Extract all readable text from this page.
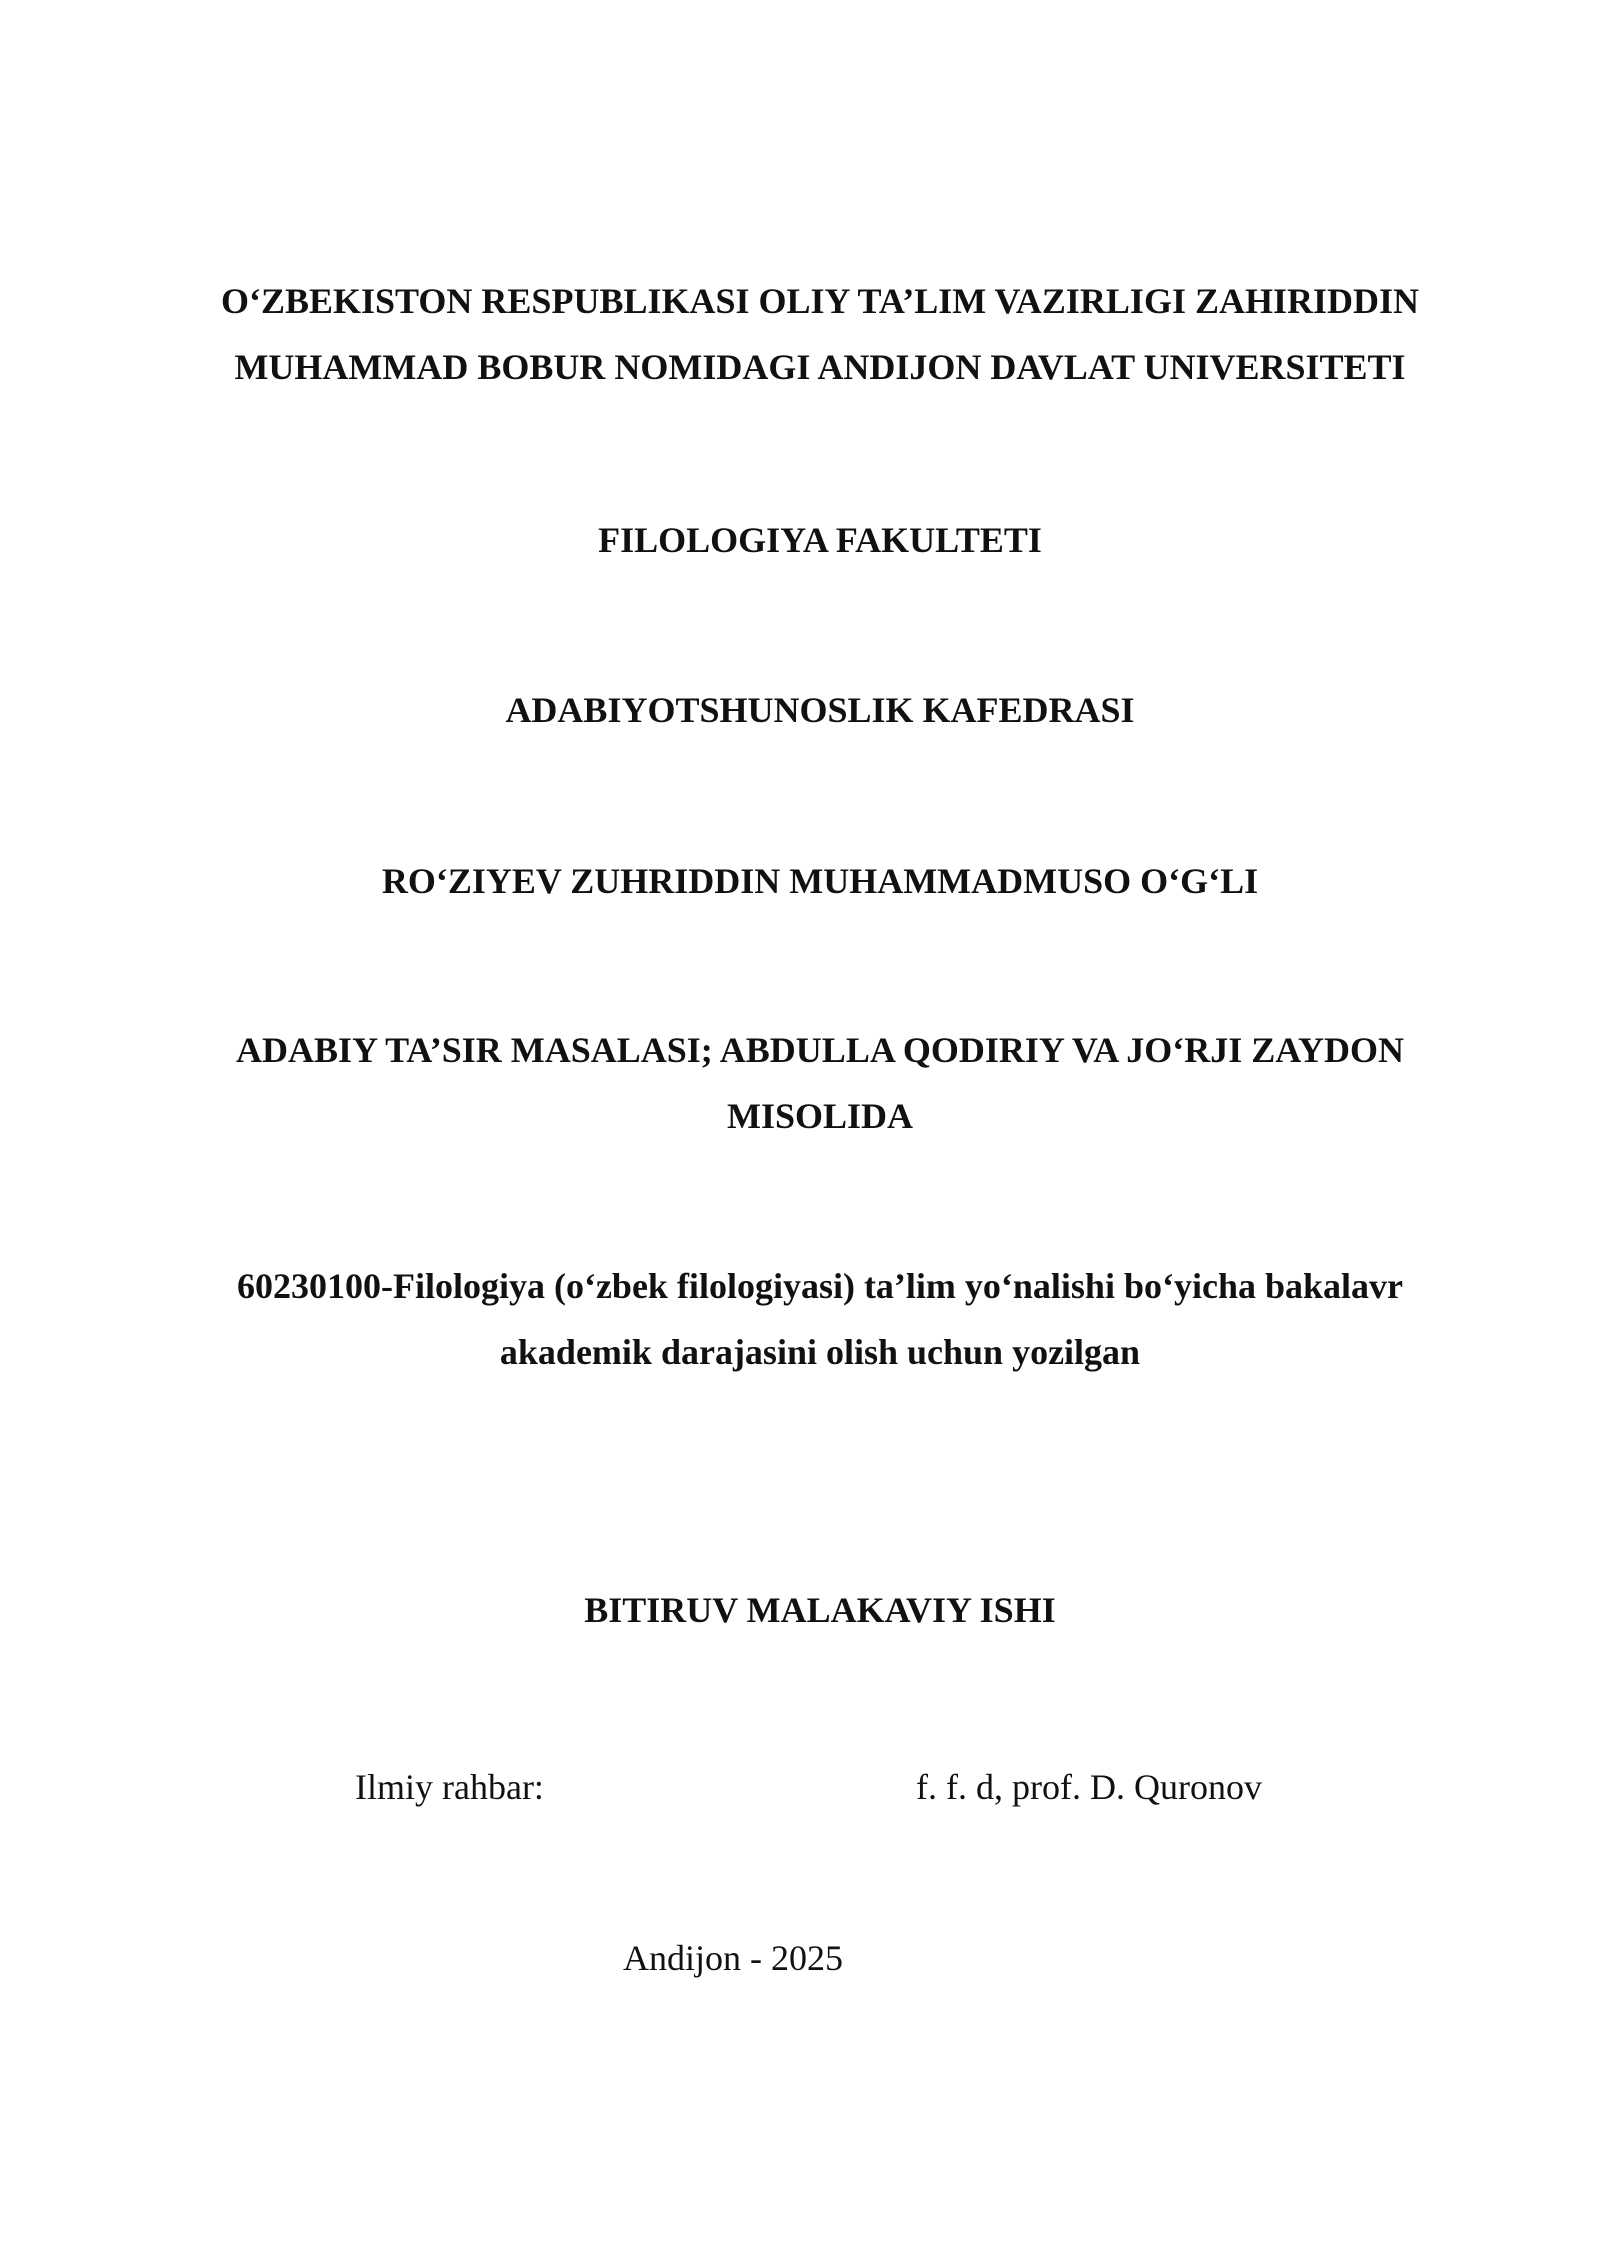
O‘ZBEKISTON RESPUBLIKASI OLIY TA’LIM VAZIRLIGI ZAHIRIDDIN
MUHAMMAD BOBUR NOMIDAGI ANDIJON DAVLAT UNIVERSITETI
FILOLOGIYA FAKULTETI
ADABIYOTSHUNOSLIK KAFEDRASI
RO‘ZIYEV ZUHRIDDIN MUHAMMADMUSO O‘G‘LI
ADABIY TA’SIR MASALASI; ABDULLA QODIRIY VA JO‘RJI ZAYDON
MISOLIDA
60230100-Filologiya (o‘zbek filologiyasi) ta’lim yo‘nalishi bo‘yicha bakalavr
akademik darajasini olish uchun yozilgan
BITIRUV MALAKAVIY ISHI
Ilmiy rahbar:	f. f. d, prof. D. Quronov
Andijon - 2025
